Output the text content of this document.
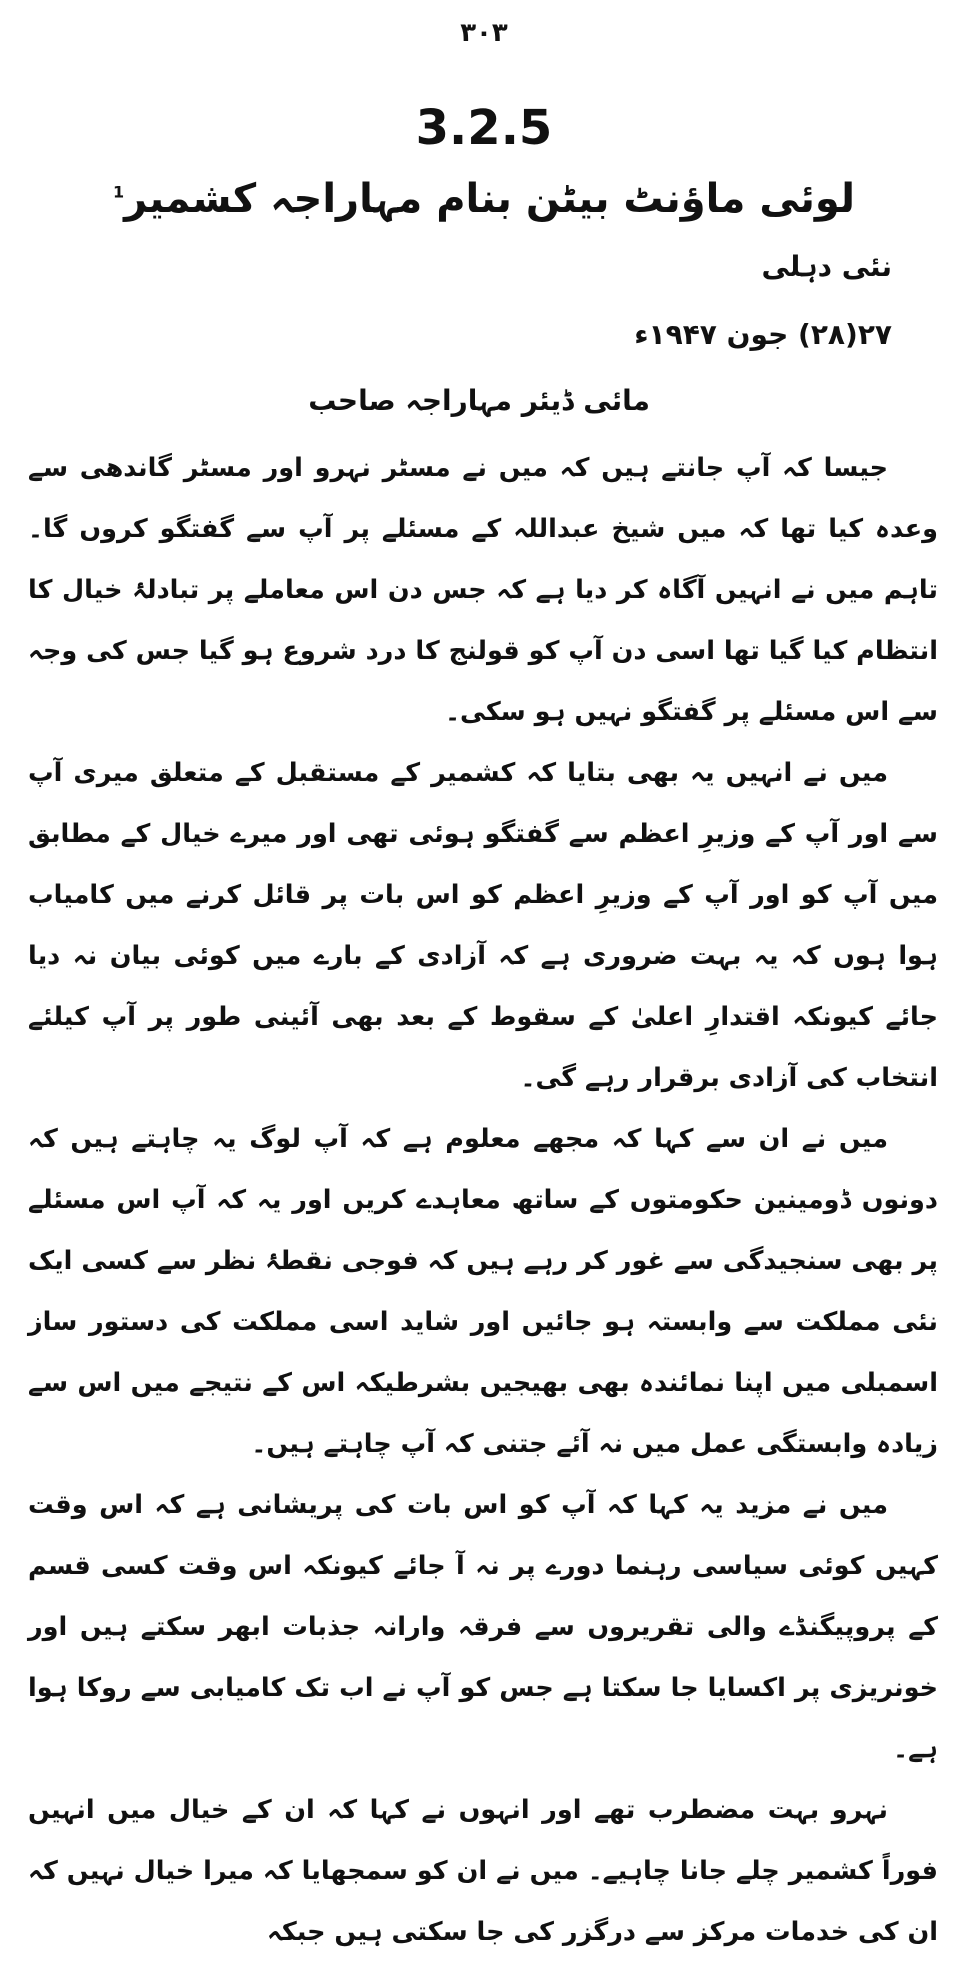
۳۰۳
3.2.5
لوئی ماؤنٹ بیٹن بنام مہاراجہ کشمیر$^1$
نئی دہلی
۲۷(۲۸) جون ۱۹۴۷ء
مائی ڈیئر مہاراجہ صاحب

جیسا کہ آپ جانتے ہیں کہ میں نے مسٹر نہرو اور مسٹر گاندھی سے وعدہ کیا تھا کہ میں شیخ عبداللہ کے مسئلے پر آپ سے گفتگو کروں گا۔ تاہم میں نے انہیں آگاہ کر دیا ہے کہ جس دن اس معاملے پر تبادلۂ خیال کا انتظام کیا گیا تھا اسی دن آپ کو قولنج کا درد شروع ہو گیا جس کی وجہ سے اس مسئلے پر گفتگو نہیں ہو سکی۔

میں نے انہیں یہ بھی بتایا کہ کشمیر کے مستقبل کے متعلق میری آپ سے اور آپ کے وزیرِ اعظم سے گفتگو ہوئی تھی اور میرے خیال کے مطابق میں آپ کو اور آپ کے وزیرِ اعظم کو اس بات پر قائل کرنے میں کامیاب ہوا ہوں کہ یہ بہت ضروری ہے کہ آزادی کے بارے میں کوئی بیان نہ دیا جائے کیونکہ اقتدارِ اعلیٰ کے سقوط کے بعد بھی آئینی طور پر آپ کیلئے انتخاب کی آزادی برقرار رہے گی۔

میں نے ان سے کہا کہ مجھے معلوم ہے کہ آپ لوگ یہ چاہتے ہیں کہ دونوں ڈومینین حکومتوں کے ساتھ معاہدے کریں اور یہ کہ آپ اس مسئلے پر بھی سنجیدگی سے غور کر رہے ہیں کہ فوجی نقطۂ نظر سے کسی ایک نئی مملکت سے وابستہ ہو جائیں اور شاید اسی مملکت کی دستور ساز اسمبلی میں اپنا نمائندہ بھی بھیجیں بشرطیکہ اس کے نتیجے میں اس سے زیادہ وابستگی عمل میں نہ آئے جتنی کہ آپ چاہتے ہیں۔

میں نے مزید یہ کہا کہ آپ کو اس بات کی پریشانی ہے کہ اس وقت کہیں کوئی سیاسی رہنما دورے پر نہ آ جائے کیونکہ اس وقت کسی قسم کے پروپیگنڈے والی تقریروں سے فرقہ وارانہ جذبات ابھر سکتے ہیں اور خونریزی پر اکسایا جا سکتا ہے جس کو آپ نے اب تک کامیابی سے روکا ہوا ہے۔

نہرو بہت مضطرب تھے اور انہوں نے کہا کہ ان کے خیال میں انہیں فوراً کشمیر چلے جانا چاہیے۔ میں نے ان کو سمجھایا کہ میرا خیال نہیں کہ ان کی خدمات مرکز سے درگزر کی جا سکتی ہیں جبکہ
